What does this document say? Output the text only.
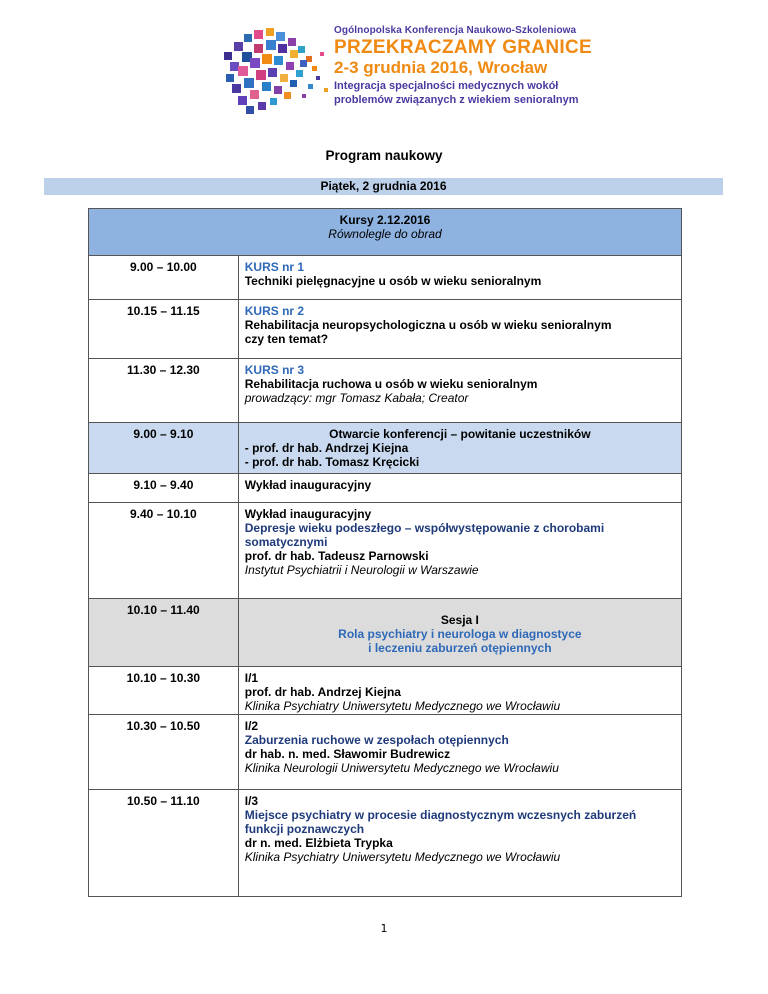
Ogólnopolska Konferencja Naukowo-Szkoleniowa
PRZEKRACZAMY GRANICE
2-3 grudnia 2016, Wrocław
Integracja specjalności medycznych wokół
problemów związanych z wiekiem senioralnym
Program naukowy
Piątek, 2 grudnia 2016
Kursy 2.12.2016
Równolegle do obrad	

9.00 – 10.00	KURS nr 1
Techniki pielęgnacyjne u osób w wieku senioralnym

10.15 – 11.15	KURS nr 2
Rehabilitacja neuropsychologiczna u osób w wieku senioralnym
czy ten temat?

11.30 – 12.30	KURS nr 3
Rehabilitacja ruchowa u osób w wieku senioralnym
prowadzący: mgr Tomasz Kabała; Creator

9.00 – 9.10	Otwarcie konferencji – powitanie uczestników
- prof. dr hab. Andrzej Kiejna
- prof. dr hab. Tomasz Kręcicki

9.10 – 9.40	Wykład inauguracyjny

9.40 – 10.10	Wykład inauguracyjny
Depresje wieku podeszłego – współwystępowanie z chorobami somatycznymi
prof. dr hab. Tadeusz Parnowski
Instytut Psychiatrii i Neurologii w Warszawie

10.10 – 11.40	Sesja I
Rola psychiatry i neurologa w diagnostyce
i leczeniu zaburzeń otępiennych

10.10 – 10.30	I/1
prof. dr hab. Andrzej Kiejna
Klinika Psychiatry Uniwersytetu Medycznego we Wrocławiu

10.30 – 10.50	I/2
Zaburzenia ruchowe w zespołach otępiennych
dr hab. n. med. Sławomir Budrewicz
Klinika Neurologii Uniwersytetu Medycznego we Wrocławiu

10.50 – 11.10	I/3
Miejsce psychiatry w procesie diagnostycznym wczesnych zaburzeń funkcji poznawczych
dr n. med. Elżbieta Trypka
Klinika Psychiatry Uniwersytetu Medycznego we Wrocławiu
1
